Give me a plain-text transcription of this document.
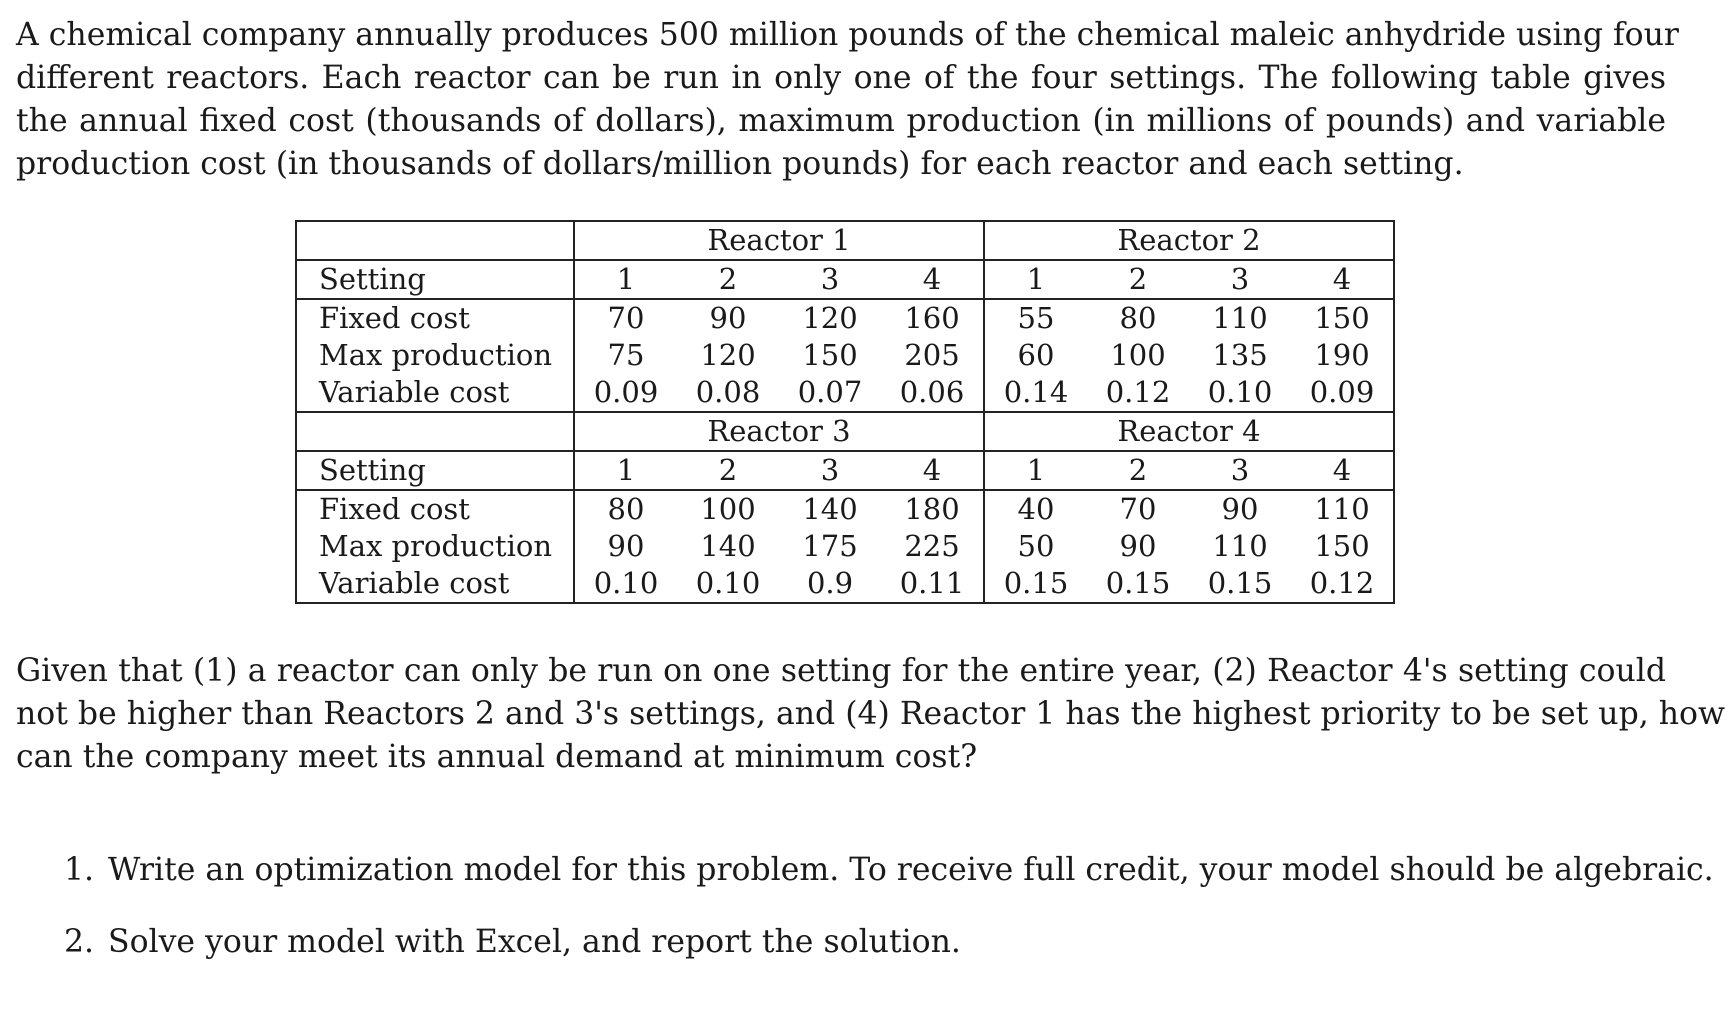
A chemical company annually produces 500 million pounds of the chemical maleic anhydride using four
different reactors. Each reactor can be run in only one of the four settings. The following table gives
the annual fixed cost (thousands of dollars), maximum production (in millions of pounds) and variable
production cost (in thousands of dollars/million pounds) for each reactor and each setting.
	Reactor 1				Reactor 2			
Setting	1	2	3	4	1	2	3	4
Fixed cost	70	90	120	160	55	80	110	150
Max production	75	120	150	205	60	100	135	190
Variable cost	0.09	0.08	0.07	0.06	0.14	0.12	0.10	0.09
	Reactor 3				Reactor 4			
Setting	1	2	3	4	1	2	3	4
Fixed cost	80	100	140	180	40	70	90	110
Max production	90	140	175	225	50	90	110	150
Variable cost	0.10	0.10	0.9	0.11	0.15	0.15	0.15	0.12
Given that (1) a reactor can only be run on one setting for the entire year, (2) Reactor 4's setting could
not be higher than Reactors 2 and 3's settings, and (4) Reactor 1 has the highest priority to be set up, how
can the company meet its annual demand at minimum cost?
1. Write an optimization model for this problem. To receive full credit, your model should be algebraic.
2. Solve your model with Excel, and report the solution.
